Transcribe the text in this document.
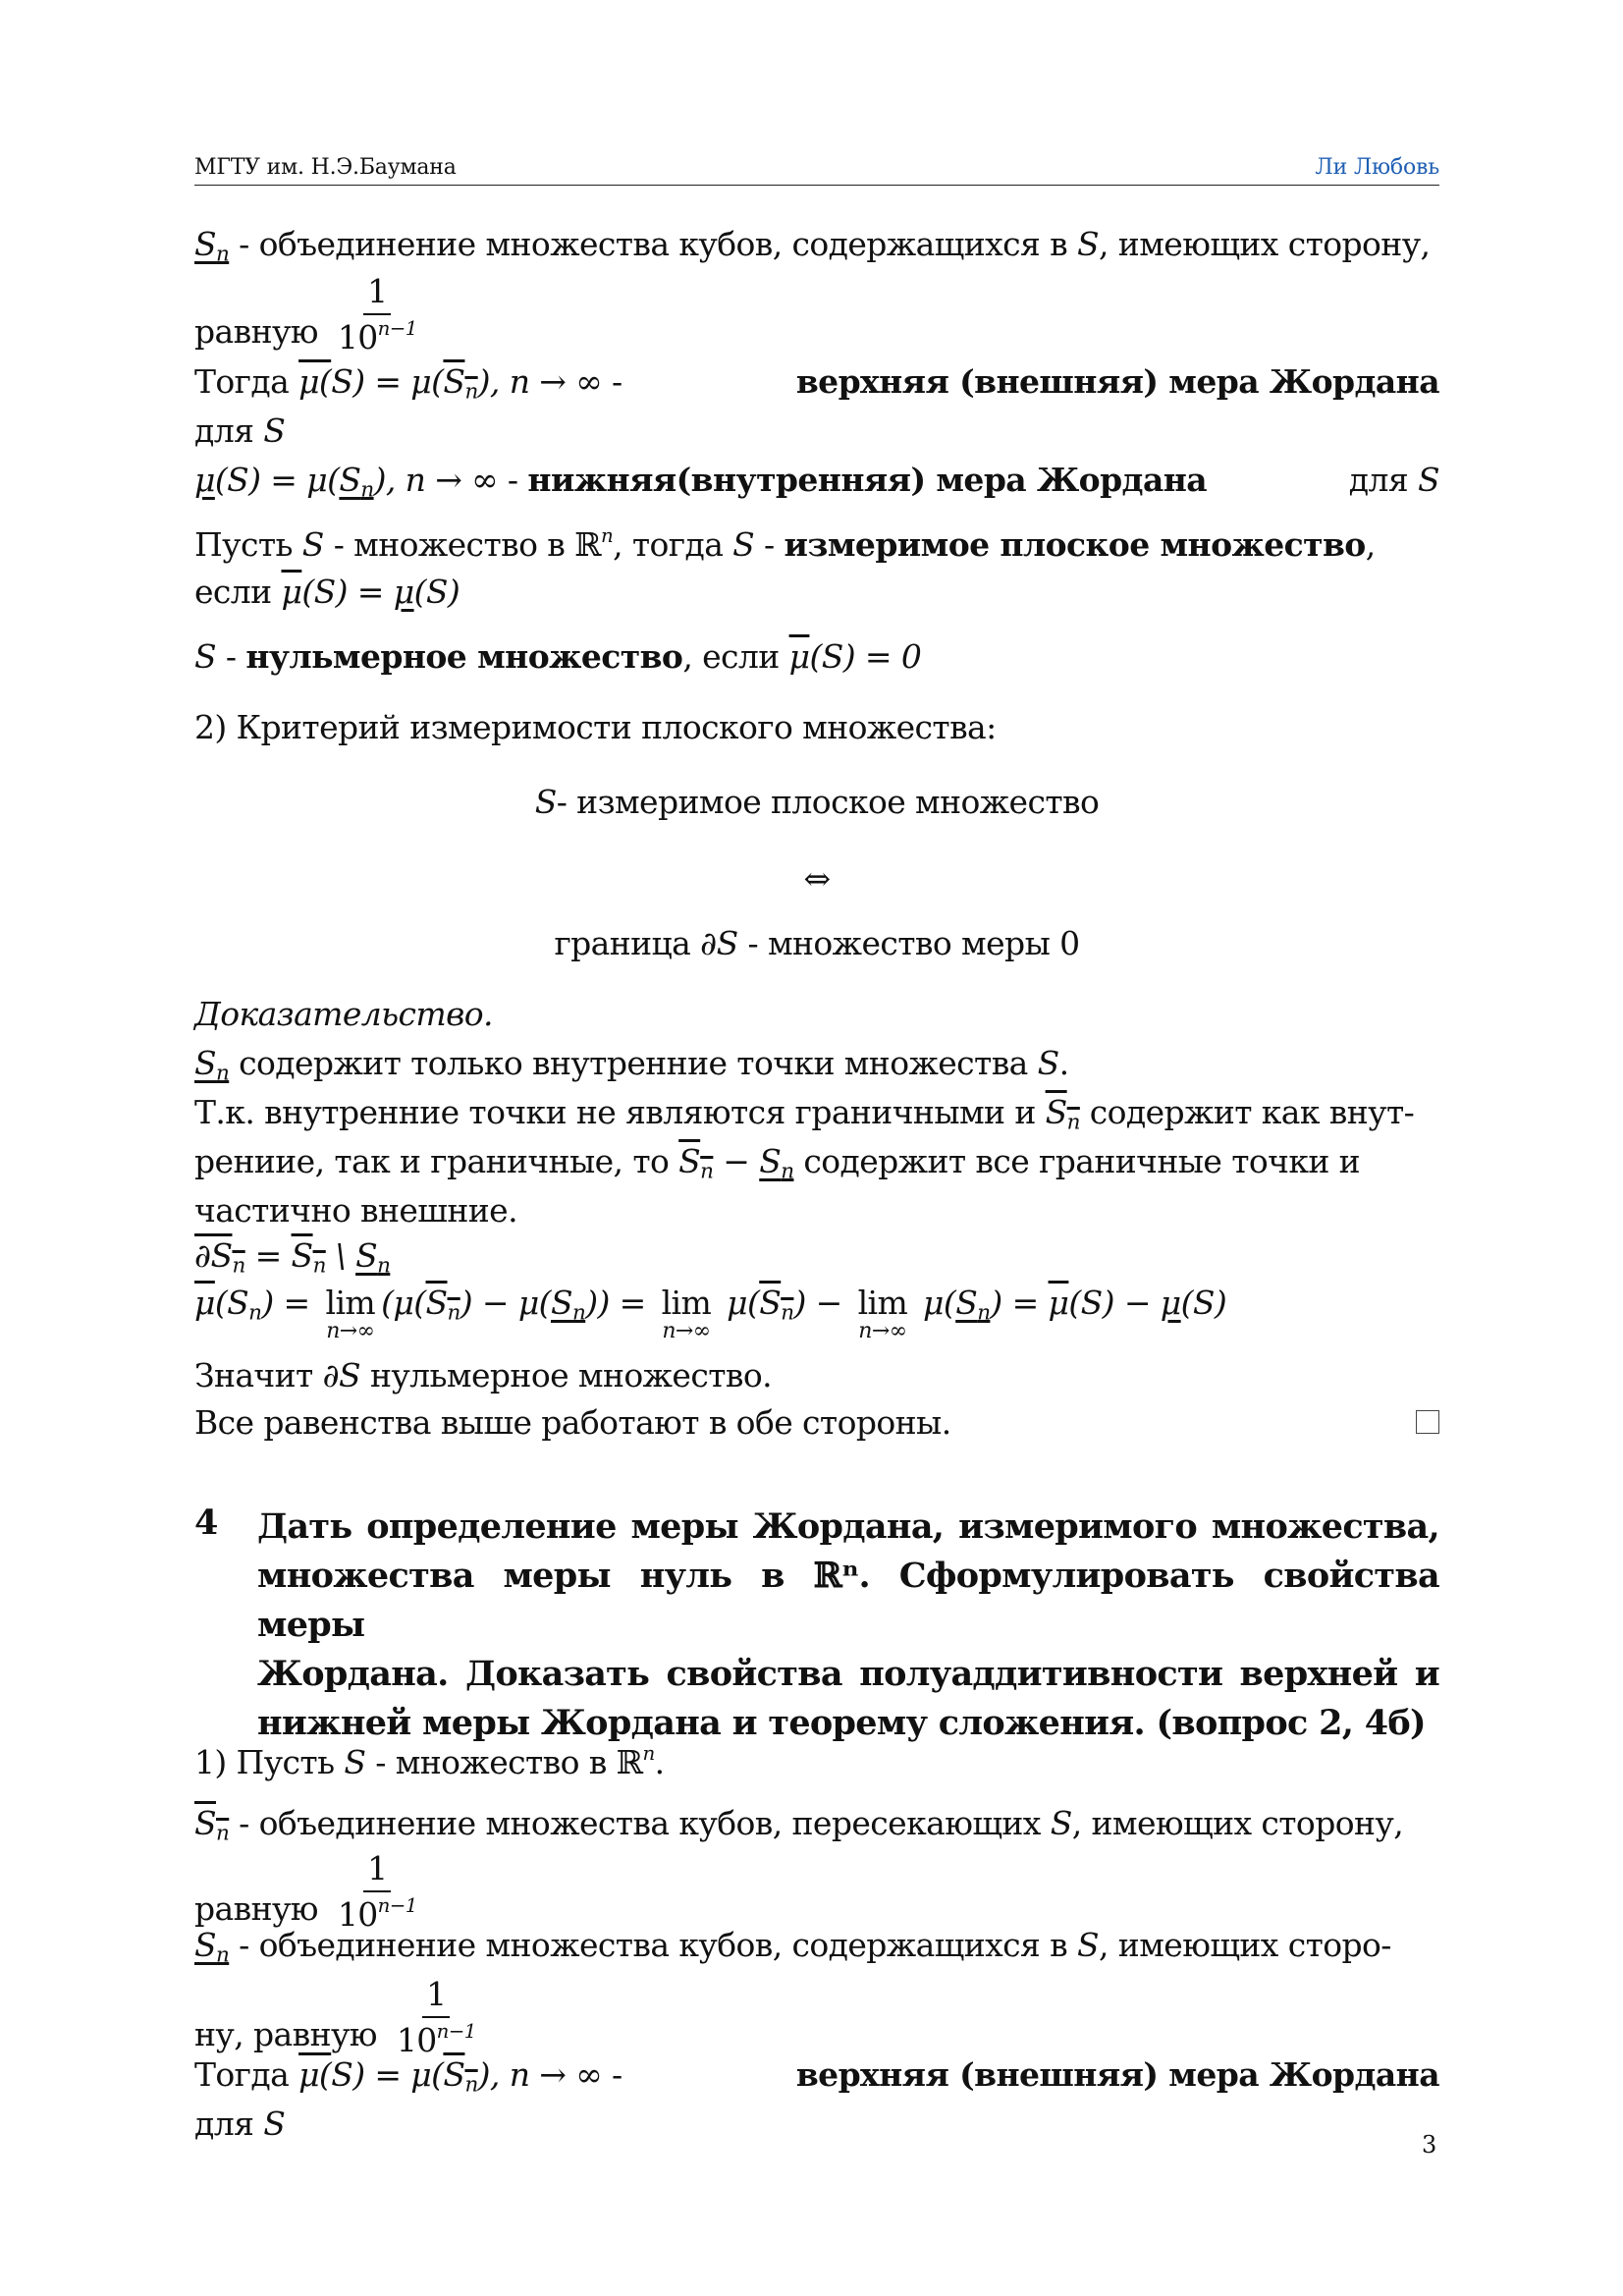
МГТУ им. Н.Э.Баумана	Ли Любовь
$S_n$ - объединение множества кубов, содержащихся в S, имеющих сторону,
равную $\frac{1}{10^{n-1}}$
Тогда $\mu(S) = \mu(S_n)$, n → ∞ -	верхняя (внешняя) мера Жордана
для S
$\mu(S) = \mu(S_n)$, n → ∞ - нижняя(внутренняя) мера Жордана	для S
Пусть S - множество в ℝ$^n$, тогда S - измеримое плоское множество,
если $\overline{\mu}(S) = \mu(S)$
S - нульмерное множество, если $\overline{\mu}(S) = 0$
2) Критерий измеримости плоского множества:
S- измеримое плоское множество
⇔
граница ∂S - множество меры 0
Доказательство.
$S_n$ содержит только внутренние точки множества S.
Т.к. внутренние точки не являются граничными и $S_n$ содержит как внут-
рениие, так и граничные, то $S_n - S_n$ содержит все граничные точки и
частично внешние.
$\partial S_n = S_n$ \ $S_n$
$\overline{\mu}(S_n) = \lim$
n→∞
$(\mu(S_n) - \mu(S_n)) = \lim$
n→∞
$\mu(S_n) - \lim$
n→∞
$\mu(S_n) = \overline{\mu}(S) - \mu(S)$
Значит ∂S нульмерное множество.
Все равенства выше работают в обе стороны.
4 Дать определение меры Жордана, измеримого множества,
множества меры нуль в ℝⁿ. Сформулировать свойства меры
Жордана. Доказать свойства полуаддитивности верхней и
нижней меры Жордана и теорему сложения. (вопрос 2, 4б)
1) Пусть S - множество в ℝ$^n$.
$S_n$ - объединение множества кубов, пересекающих S, имеющих сторону,
равную $\frac{1}{10^{n-1}}$
$S_n$ - объединение множества кубов, содержащихся в S, имеющих сторо-
ну, равную $\frac{1}{10^{n-1}}$
Тогда $\mu(S) = \mu(S_n)$, n → ∞ -	верхняя (внешняя) мера Жордана
для S
3
